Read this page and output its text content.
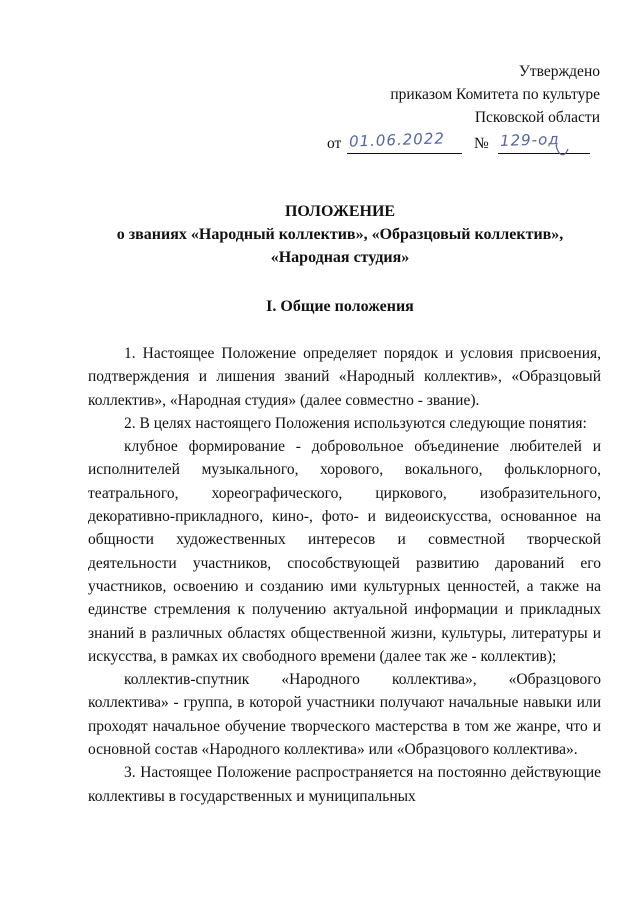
Утверждено
приказом Комитета по культуре
Псковской области
от 01.06.2022 № 129-од
ПОЛОЖЕНИЕ
о званиях «Народный коллектив», «Образцовый коллектив»,
«Народная студия»
I. Общие положения

1. Настоящее Положение определяет порядок и условия присвоения, подтверждения и лишения званий «Народный коллектив», «Образцовый коллектив», «Народная студия» (далее совместно - звание).

2. В целях настоящего Положения используются следующие понятия:

клубное формирование - добровольное объединение любителей и исполнителей музыкального, хорового, вокального, фольклорного, театрального, хореографического, циркового, изобразительного, декоративно-прикладного, кино-, фото- и видеоискусства, основанное на общности художественных интересов и совместной творческой деятельности участников, способствующей развитию дарований его участников, освоению и созданию ими культурных ценностей, а также на единстве стремления к получению актуальной информации и прикладных знаний в различных областях общественной жизни, культуры, литературы и искусства, в рамках их свободного времени (далее так же - коллектив);

коллектив-спутник «Народного коллектива», «Образцового коллектива» - группа, в которой участники получают начальные навыки или проходят начальное обучение творческого мастерства в том же жанре, что и основной состав «Народного коллектива» или «Образцового коллектива».

3. Настоящее Положение распространяется на постоянно действующие коллективы в государственных и муниципальных
